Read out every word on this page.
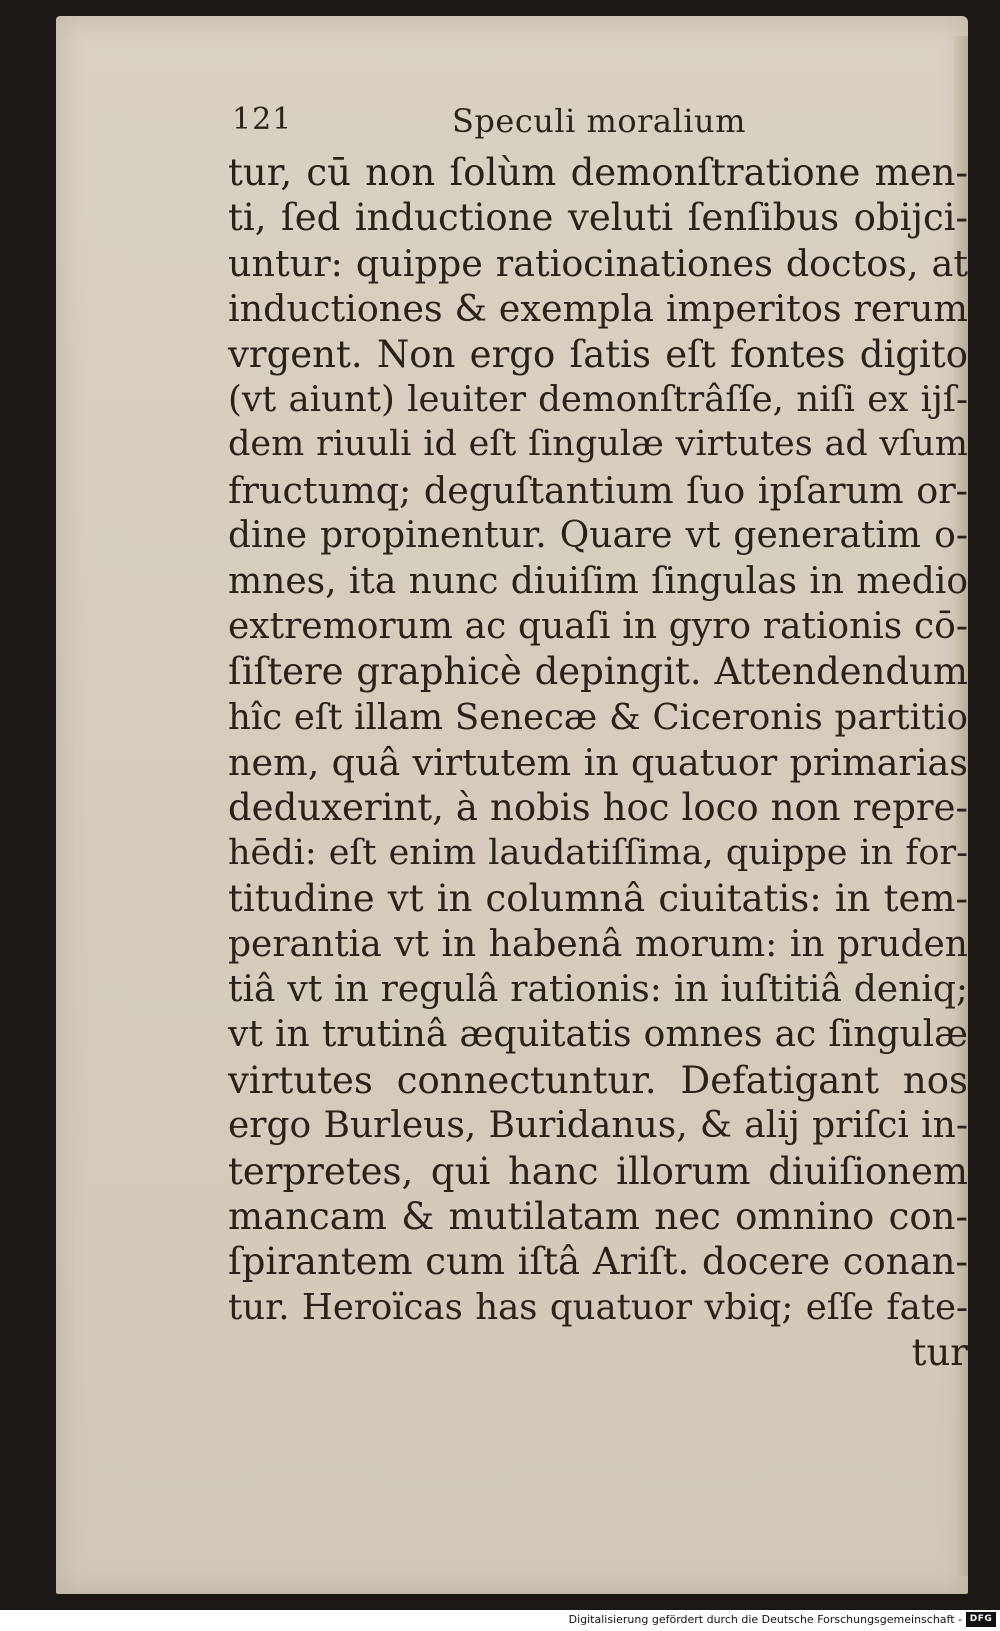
121	Speculi moralium
tur, cū non ſolùm demonſtratione men-
ti, ſed inductione veluti ſenſibus obijci-
untur: quippe ratiocinationes doctos, at
inductiones & exempla imperitos rerum
vrgent. Non ergo ſatis eſt fontes digito
(vt aiunt) leuiter demonſtrâſſe, niſi ex ijſ-
dem riuuli id eſt ſingulæ virtutes ad vſum
fructumq; deguſtantium ſuo ipſarum or-
dine propinentur. Quare vt generatim o-
mnes, ita nunc diuiſim ſingulas in medio
extremorum ac quaſi in gyro rationis cō-
ſiſtere graphicè depingit. Attendendum
hîc eſt illam Senecæ & Ciceronis partitio
nem, quâ virtutem in quatuor primarias
deduxerint, à nobis hoc loco non repre-
hēdi: eſt enim laudatiſſima, quippe in for-
titudine vt in columnâ ciuitatis: in tem-
perantia vt in habenâ morum: in pruden
tiâ vt in regulâ rationis: in iuſtitiâ deniq;
vt in trutinâ æquitatis omnes ac ſingulæ
virtutes connectuntur. Defatigant nos
ergo Burleus, Buridanus, & alij priſci in-
terpretes, qui hanc illorum diuiſionem
mancam & mutilatam nec omnino con-
ſpirantem cum iſtâ Ariſt. docere conan-
tur. Heroïcas has quatuor vbiq; eſſe fate-
tur
Digitalisierung gefördert durch die Deutsche Forschungsgemeinschaft - DFG
